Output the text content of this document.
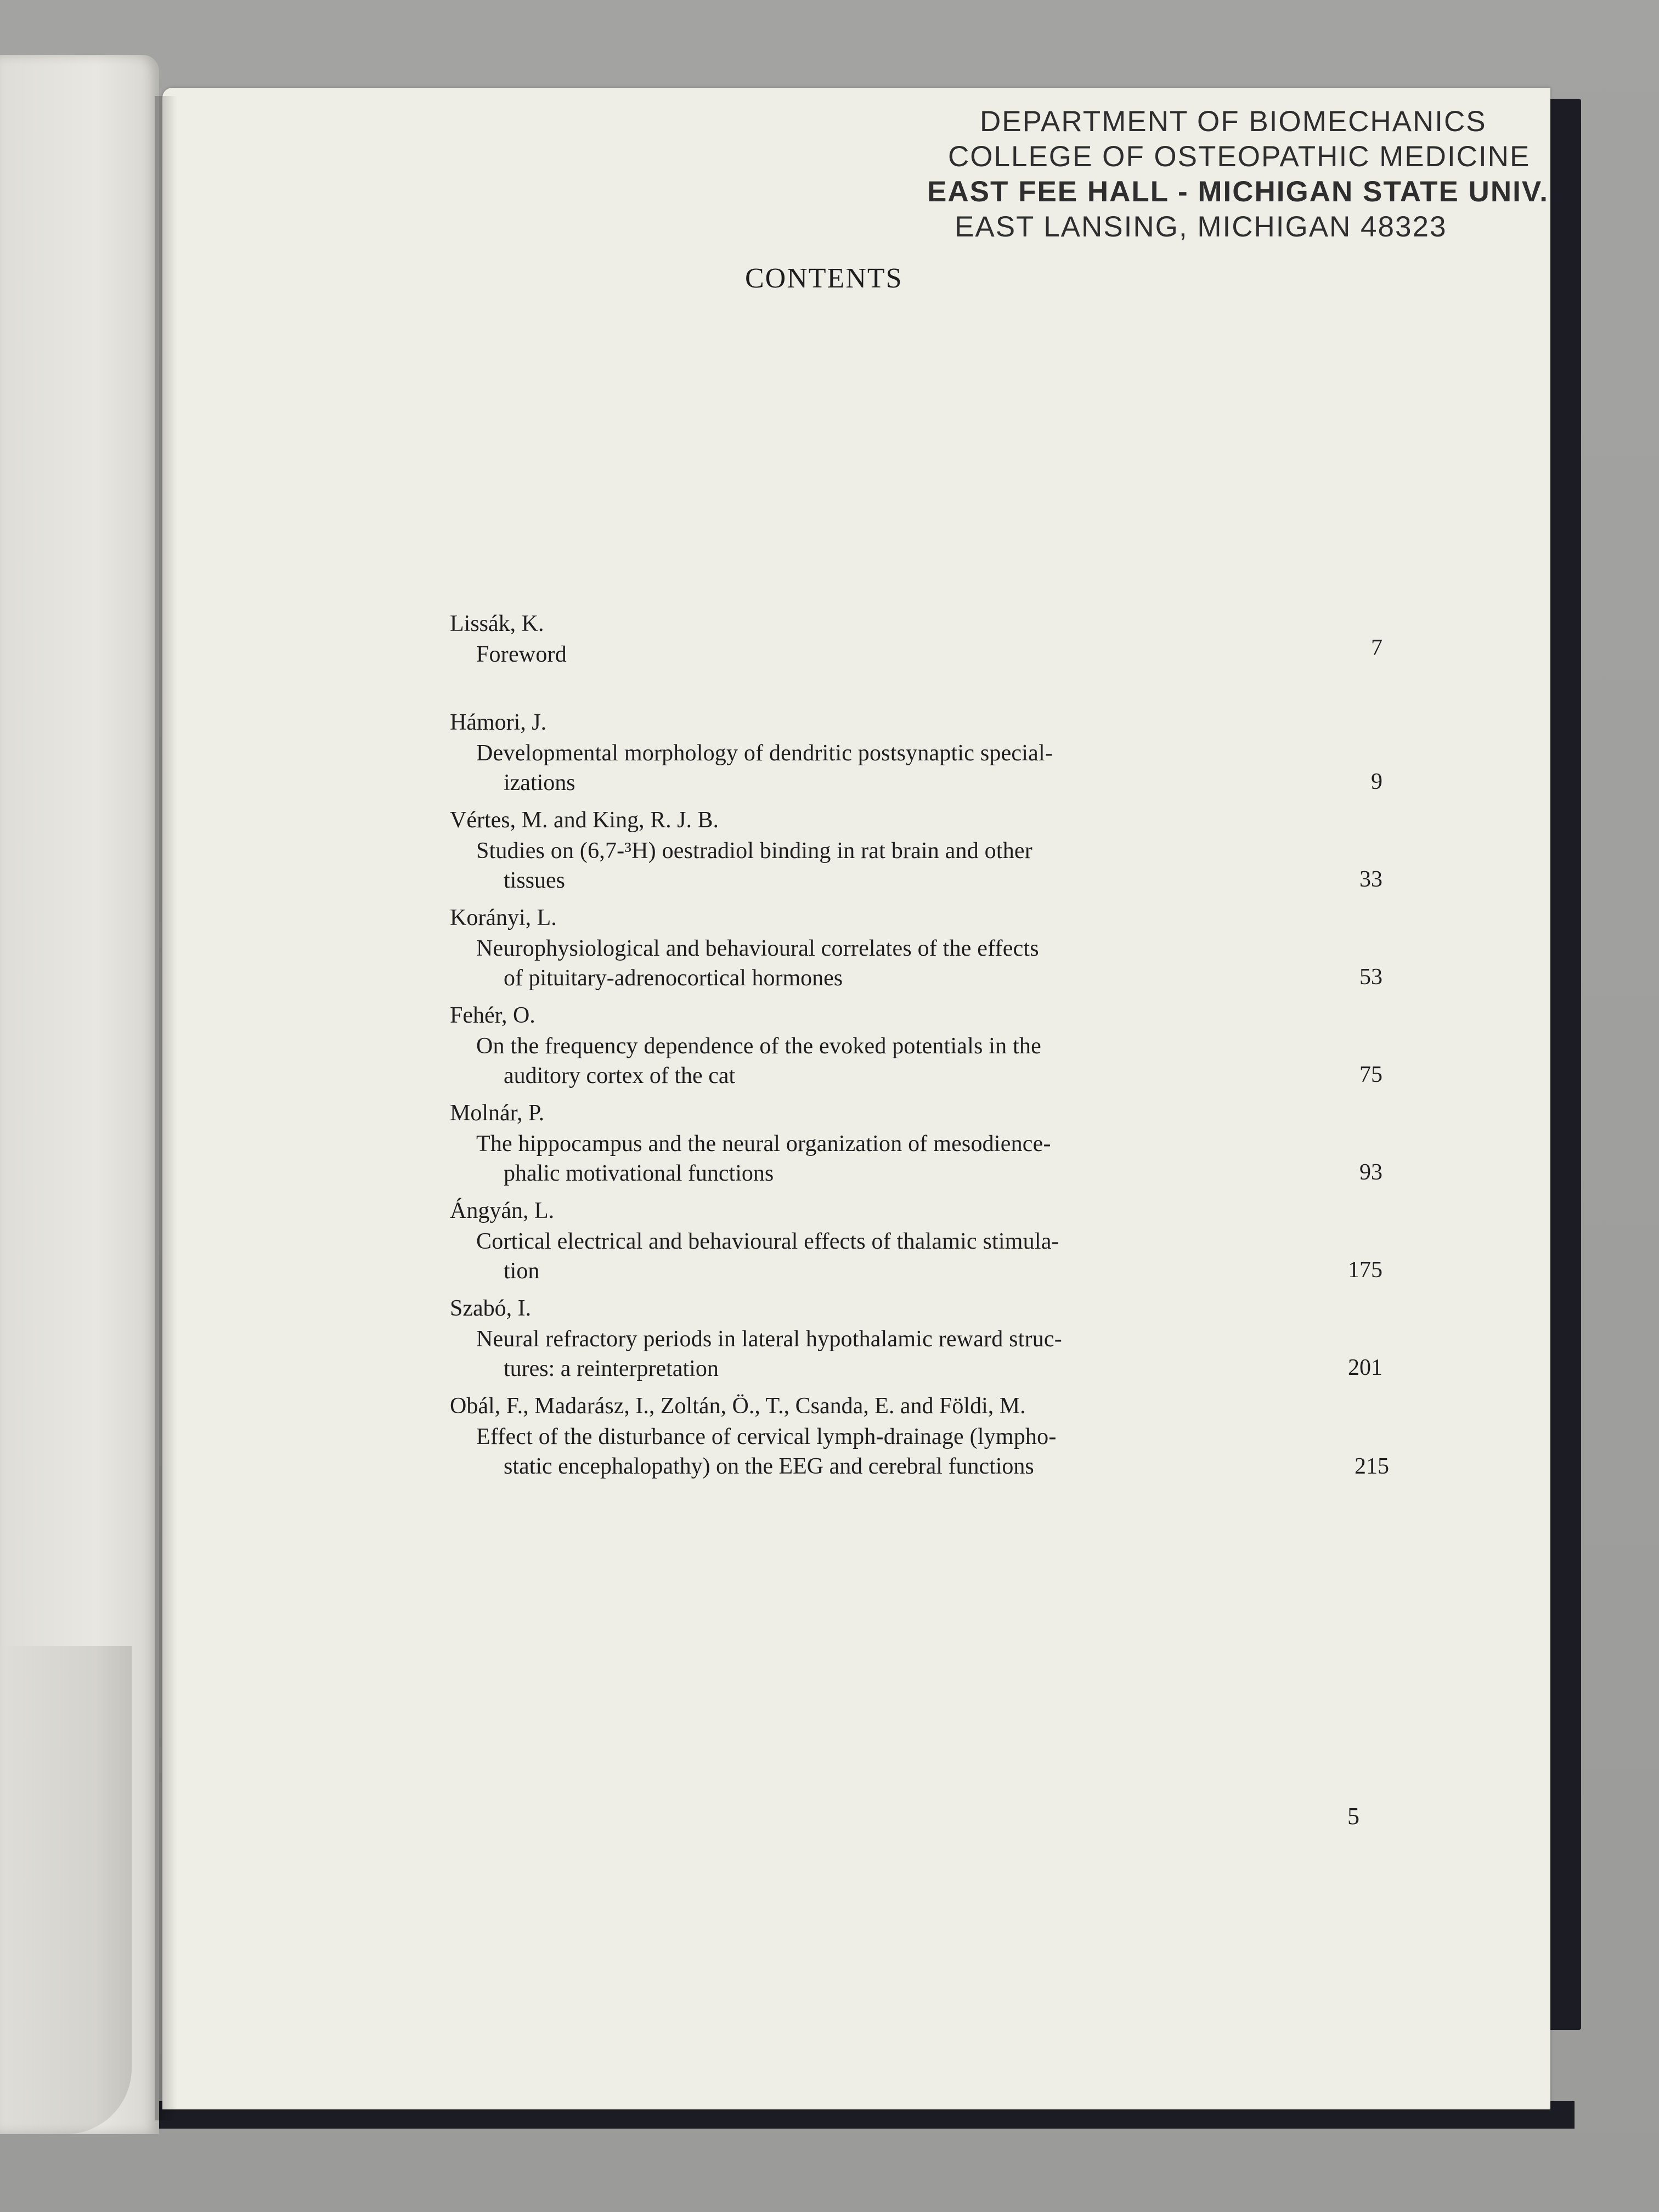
DEPARTMENT OF BIOMECHANICS
COLLEGE OF OSTEOPATHIC MEDICINE
EAST FEE HALL - MICHIGAN STATE UNIV.
EAST LANSING, MICHIGAN 48323
CONTENTS
Lissák, K.
Foreword	7
Hámori, J.
Developmental morphology of dendritic postsynaptic special-
izations	9
Vértes, M. and King, R. J. B.
Studies on (6,7-³H) oestradiol binding in rat brain and other
tissues	33
Korányi, L.
Neurophysiological and behavioural correlates of the effects
of pituitary-adrenocortical hormones	53
Fehér, O.
On the frequency dependence of the evoked potentials in the
auditory cortex of the cat	75
Molnár, P.
The hippocampus and the neural organization of mesodience-
phalic motivational functions	93
Ángyán, L.
Cortical electrical and behavioural effects of thalamic stimula-
tion	175
Szabó, I.
Neural refractory periods in lateral hypothalamic reward struc-
tures: a reinterpretation	201
Obál, F., Madarász, I., Zoltán, Ö., T., Csanda, E. and Földi, M.
Effect of the disturbance of cervical lymph-drainage (lympho-
static encephalopathy) on the EEG and cerebral functions	215
5
